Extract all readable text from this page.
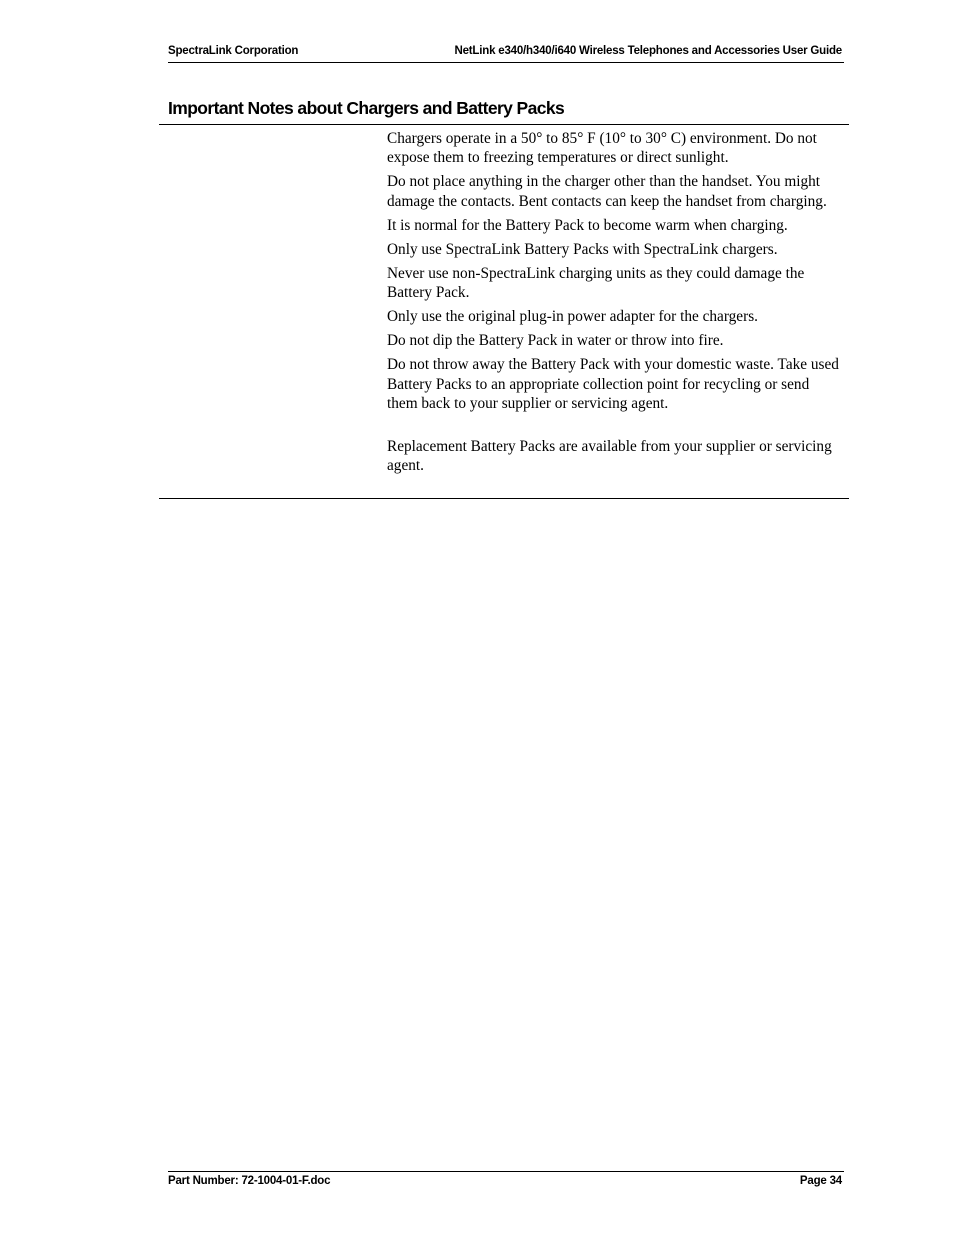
SpectraLink Corporation	NetLink e340/h340/i640 Wireless Telephones and Accessories User Guide
Important Notes about Chargers and Battery Packs

Chargers operate in a 50° to 85° F (10° to 30° C) environment. Do not expose them to freezing temperatures or direct sunlight.

Do not place anything in the charger other than the handset. You might damage the contacts. Bent contacts can keep the handset from charging.

It is normal for the Battery Pack to become warm when charging.

Only use SpectraLink Battery Packs with SpectraLink chargers.

Never use non-SpectraLink charging units as they could damage the Battery Pack.

Only use the original plug-in power adapter for the chargers.

Do not dip the Battery Pack in water or throw into fire.

Do not throw away the Battery Pack with your domestic waste. Take used Battery Packs to an appropriate collection point for recycling or send them back to your supplier or servicing agent.

Replacement Battery Packs are available from your supplier or servicing agent.

Part Number: 72-1004-01-F.doc	Page 34
